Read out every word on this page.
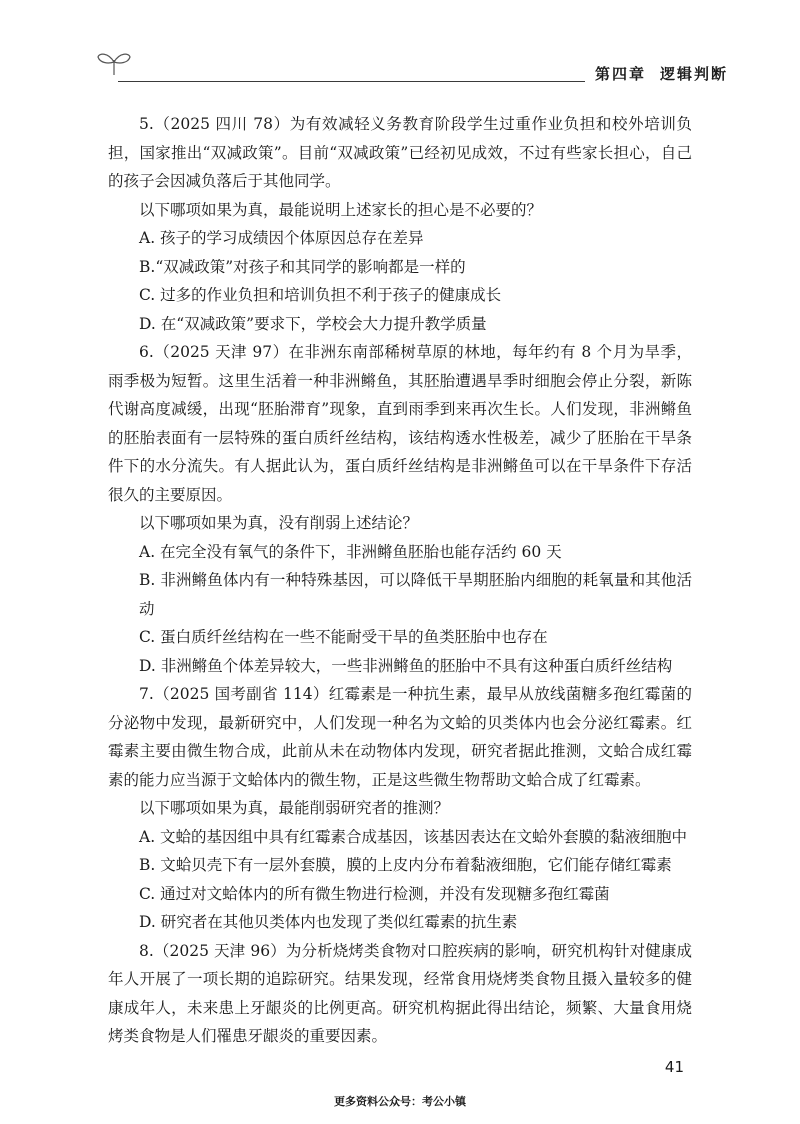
第四章 逻辑判断

5.（2025 四川 78）为有效减轻义务教育阶段学生过重作业负担和校外培训负担，国家推出“双减政策”。目前“双减政策”已经初见成效，不过有些家长担心，自己的孩子会因减负落后于其他同学。

以下哪项如果为真，最能说明上述家长的担心是不必要的？

A. 孩子的学习成绩因个体原因总存在差异

B.“双减政策”对孩子和其同学的影响都是一样的

C. 过多的作业负担和培训负担不利于孩子的健康成长

D. 在“双减政策”要求下，学校会大力提升教学质量

6.（2025 天津 97）在非洲东南部稀树草原的林地，每年约有 8 个月为旱季，雨季极为短暂。这里生活着一种非洲鳉鱼，其胚胎遭遇旱季时细胞会停止分裂，新陈代谢高度减缓，出现“胚胎滞育”现象，直到雨季到来再次生长。人们发现，非洲鳉鱼的胚胎表面有一层特殊的蛋白质纤丝结构，该结构透水性极差，减少了胚胎在干旱条件下的水分流失。有人据此认为，蛋白质纤丝结构是非洲鳉鱼可以在干旱条件下存活很久的主要原因。

以下哪项如果为真，没有削弱上述结论？

A. 在完全没有氧气的条件下，非洲鳉鱼胚胎也能存活约 60 天

B. 非洲鳉鱼体内有一种特殊基因，可以降低干旱期胚胎内细胞的耗氧量和其他活动

C. 蛋白质纤丝结构在一些不能耐受干旱的鱼类胚胎中也存在

D. 非洲鳉鱼个体差异较大，一些非洲鳉鱼的胚胎中不具有这种蛋白质纤丝结构

7.（2025 国考副省 114）红霉素是一种抗生素，最早从放线菌糖多孢红霉菌的分泌物中发现，最新研究中，人们发现一种名为文蛤的贝类体内也会分泌红霉素。红霉素主要由微生物合成，此前从未在动物体内发现，研究者据此推测，文蛤合成红霉素的能力应当源于文蛤体内的微生物，正是这些微生物帮助文蛤合成了红霉素。

以下哪项如果为真，最能削弱研究者的推测？

A. 文蛤的基因组中具有红霉素合成基因，该基因表达在文蛤外套膜的黏液细胞中

B. 文蛤贝壳下有一层外套膜，膜的上皮内分布着黏液细胞，它们能存储红霉素

C. 通过对文蛤体内的所有微生物进行检测，并没有发现糖多孢红霉菌

D. 研究者在其他贝类体内也发现了类似红霉素的抗生素

8.（2025 天津 96）为分析烧烤类食物对口腔疾病的影响，研究机构针对健康成年人开展了一项长期的追踪研究。结果发现，经常食用烧烤类食物且摄入量较多的健康成年人，未来患上牙龈炎的比例更高。研究机构据此得出结论，频繁、大量食用烧烤类食物是人们罹患牙龈炎的重要因素。

41
更多资料公众号：考公小镇
